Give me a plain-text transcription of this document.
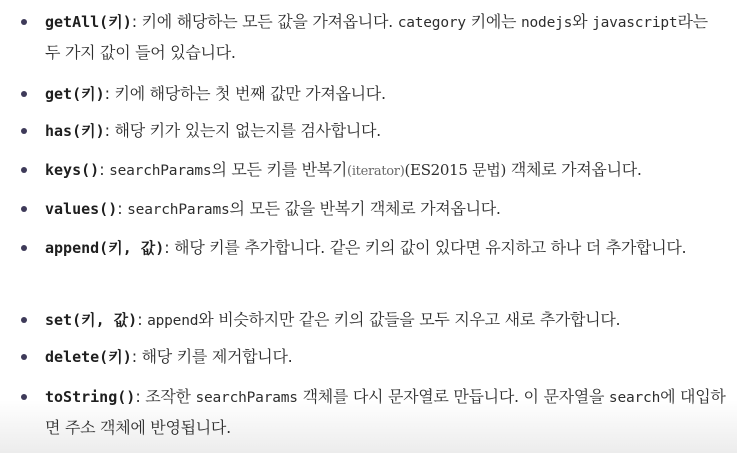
getAll(키): 키에 해당하는 모든 값을 가져옵니다. category 키에는 nodejs와 javascript라는 두 가지 값이 들어 있습니다.
get(키): 키에 해당하는 첫 번째 값만 가져옵니다.
has(키): 해당 키가 있는지 없는지를 검사합니다.
keys(): searchParams의 모든 키를 반복기(iterator)(ES2015 문법) 객체로 가져옵니다.
values(): searchParams의 모든 값을 반복기 객체로 가져옵니다.
append(키, 값): 해당 키를 추가합니다. 같은 키의 값이 있다면 유지하고 하나 더 추가합니다.
set(키, 값): append와 비슷하지만 같은 키의 값들을 모두 지우고 새로 추가합니다.
delete(키): 해당 키를 제거합니다.
toString(): 조작한 searchParams 객체를 다시 문자열로 만듭니다. 이 문자열을 search에 대입하면 주소 객체에 반영됩니다.
